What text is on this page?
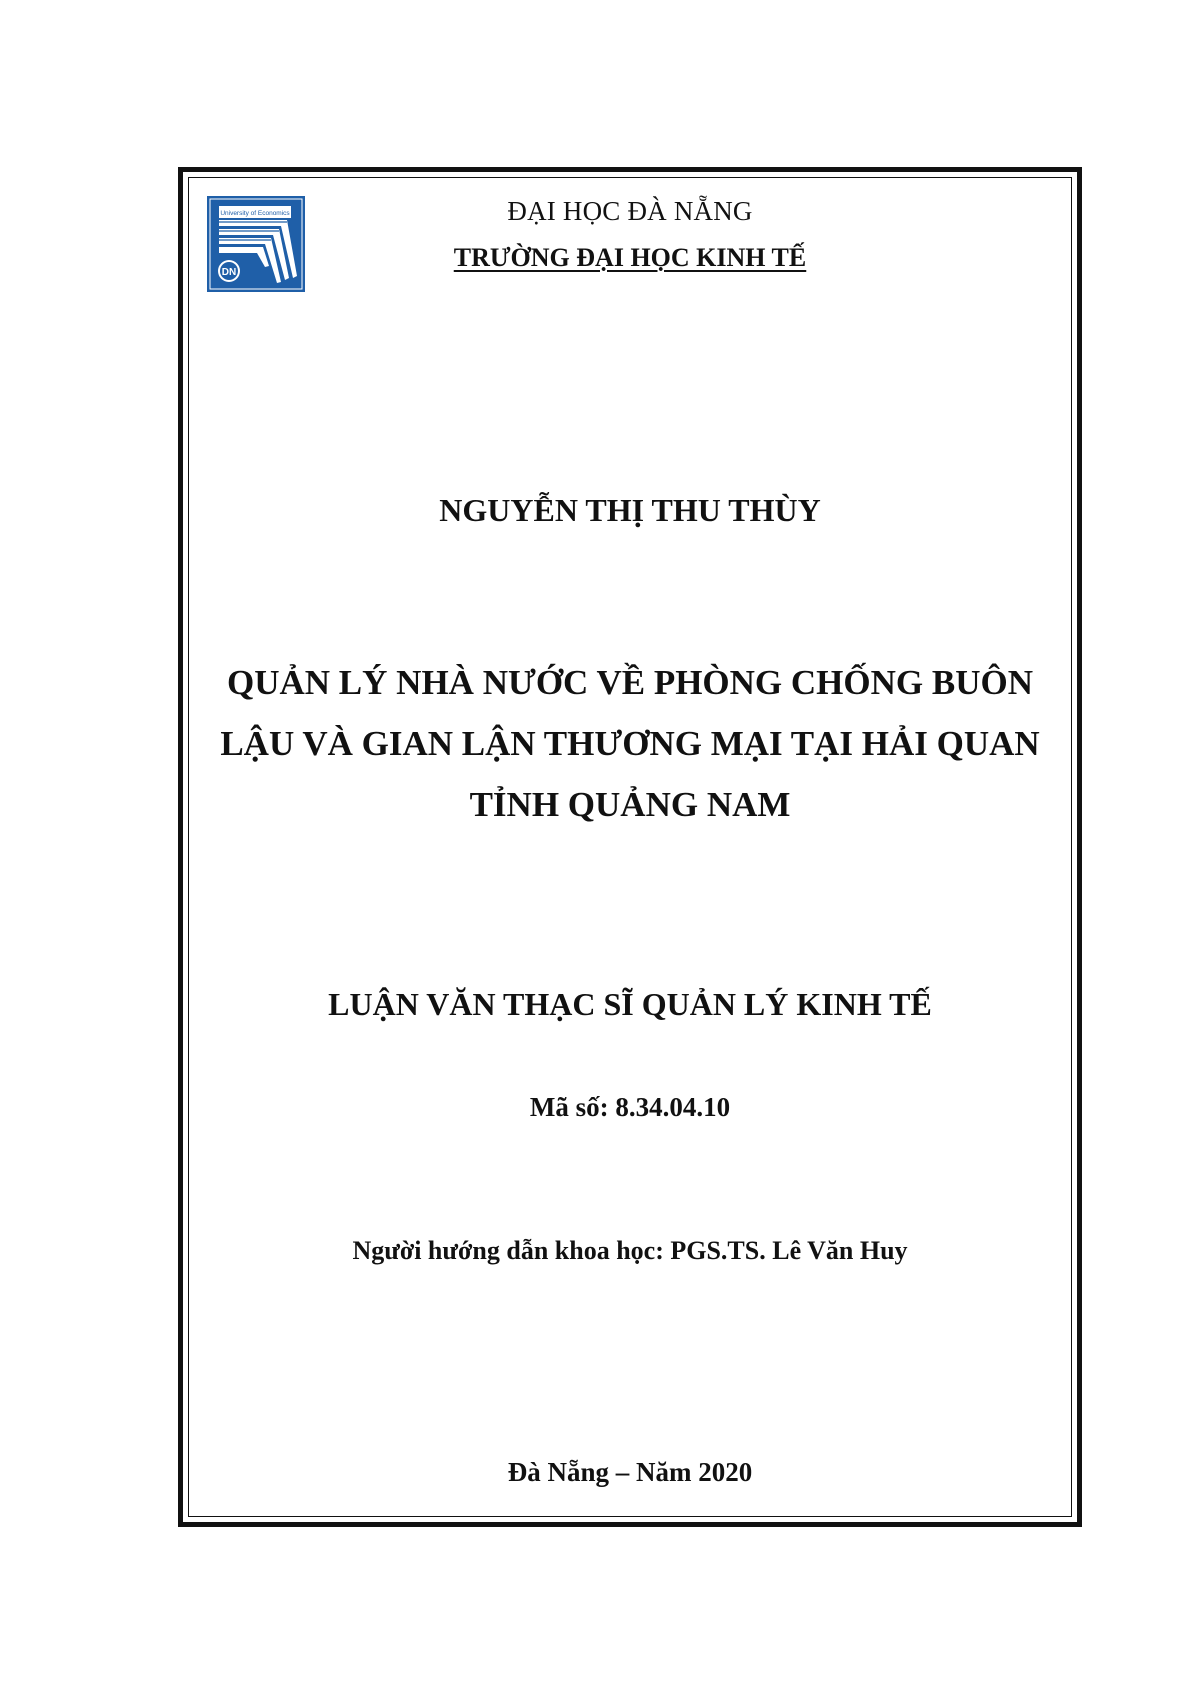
University of Economics
DN
ĐẠI HỌC ĐÀ NẴNG
TRƯỜNG ĐẠI HỌC KINH TẾ
NGUYỄN THỊ THU THÙY
QUẢN LÝ NHÀ NƯỚC VỀ PHÒNG CHỐNG BUÔN
LẬU VÀ GIAN LẬN THƯƠNG MẠI TẠI HẢI QUAN
TỈNH QUẢNG NAM
LUẬN VĂN THẠC SĨ QUẢN LÝ KINH TẾ
Mã số: 8.34.04.10
Người hướng dẫn khoa học: PGS.TS. Lê Văn Huy
Đà Nẵng – Năm 2020
